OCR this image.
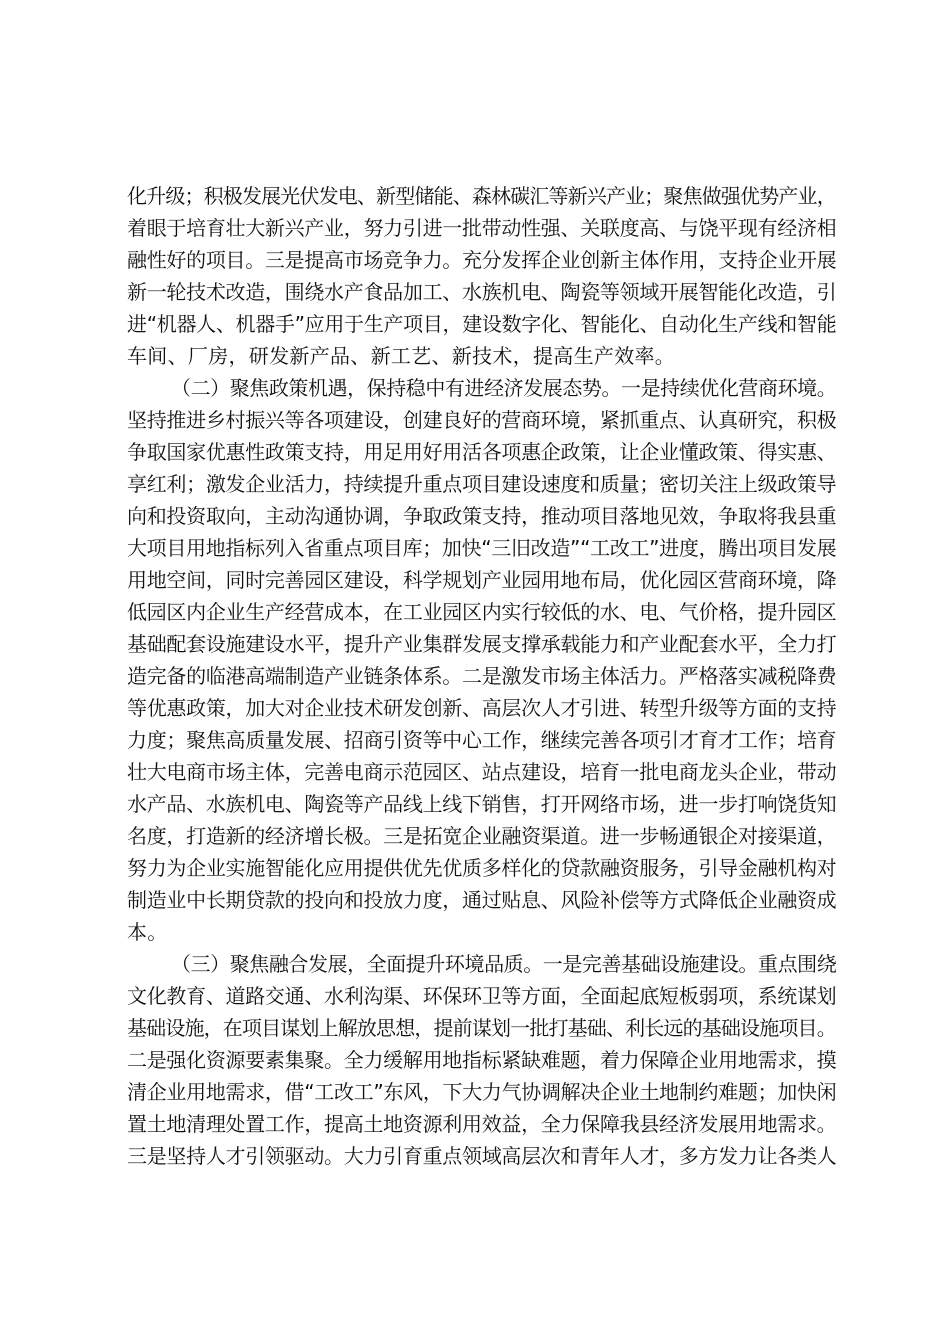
化升级；积极发展光伏发电、新型储能、森林碳汇等新兴产业；聚焦做强优势产业，
着眼于培育壮大新兴产业，努力引进一批带动性强、关联度高、与饶平现有经济相
融性好的项目。三是提高市场竞争力。充分发挥企业创新主体作用，支持企业开展
新一轮技术改造，围绕水产食品加工、水族机电、陶瓷等领域开展智能化改造，引
进“机器人、机器手”应用于生产项目，建设数字化、智能化、自动化生产线和智能
车间、厂房，研发新产品、新工艺、新技术，提高生产效率。
（二）聚焦政策机遇，保持稳中有进经济发展态势。一是持续优化营商环境。
坚持推进乡村振兴等各项建设，创建良好的营商环境，紧抓重点、认真研究，积极
争取国家优惠性政策支持，用足用好用活各项惠企政策，让企业懂政策、得实惠、
享红利；激发企业活力，持续提升重点项目建设速度和质量；密切关注上级政策导
向和投资取向，主动沟通协调，争取政策支持，推动项目落地见效，争取将我县重
大项目用地指标列入省重点项目库；加快“三旧改造”“工改工”进度，腾出项目发展
用地空间，同时完善园区建设，科学规划产业园用地布局，优化园区营商环境，降
低园区内企业生产经营成本，在工业园区内实行较低的水、电、气价格，提升园区
基础配套设施建设水平，提升产业集群发展支撑承载能力和产业配套水平，全力打
造完备的临港高端制造产业链条体系。二是激发市场主体活力。严格落实减税降费
等优惠政策，加大对企业技术研发创新、高层次人才引进、转型升级等方面的支持
力度；聚焦高质量发展、招商引资等中心工作，继续完善各项引才育才工作；培育
壮大电商市场主体，完善电商示范园区、站点建设，培育一批电商龙头企业，带动
水产品、水族机电、陶瓷等产品线上线下销售，打开网络市场，进一步打响饶货知
名度，打造新的经济增长极。三是拓宽企业融资渠道。进一步畅通银企对接渠道，
努力为企业实施智能化应用提供优先优质多样化的贷款融资服务，引导金融机构对
制造业中长期贷款的投向和投放力度，通过贴息、风险补偿等方式降低企业融资成
本。
（三）聚焦融合发展，全面提升环境品质。一是完善基础设施建设。重点围绕
文化教育、道路交通、水利沟渠、环保环卫等方面，全面起底短板弱项，系统谋划
基础设施，在项目谋划上解放思想，提前谋划一批打基础、利长远的基础设施项目。
二是强化资源要素集聚。全力缓解用地指标紧缺难题，着力保障企业用地需求，摸
清企业用地需求，借“工改工”东风，下大力气协调解决企业土地制约难题；加快闲
置土地清理处置工作，提高土地资源利用效益，全力保障我县经济发展用地需求。
三是坚持人才引领驱动。大力引育重点领域高层次和青年人才，多方发力让各类人
